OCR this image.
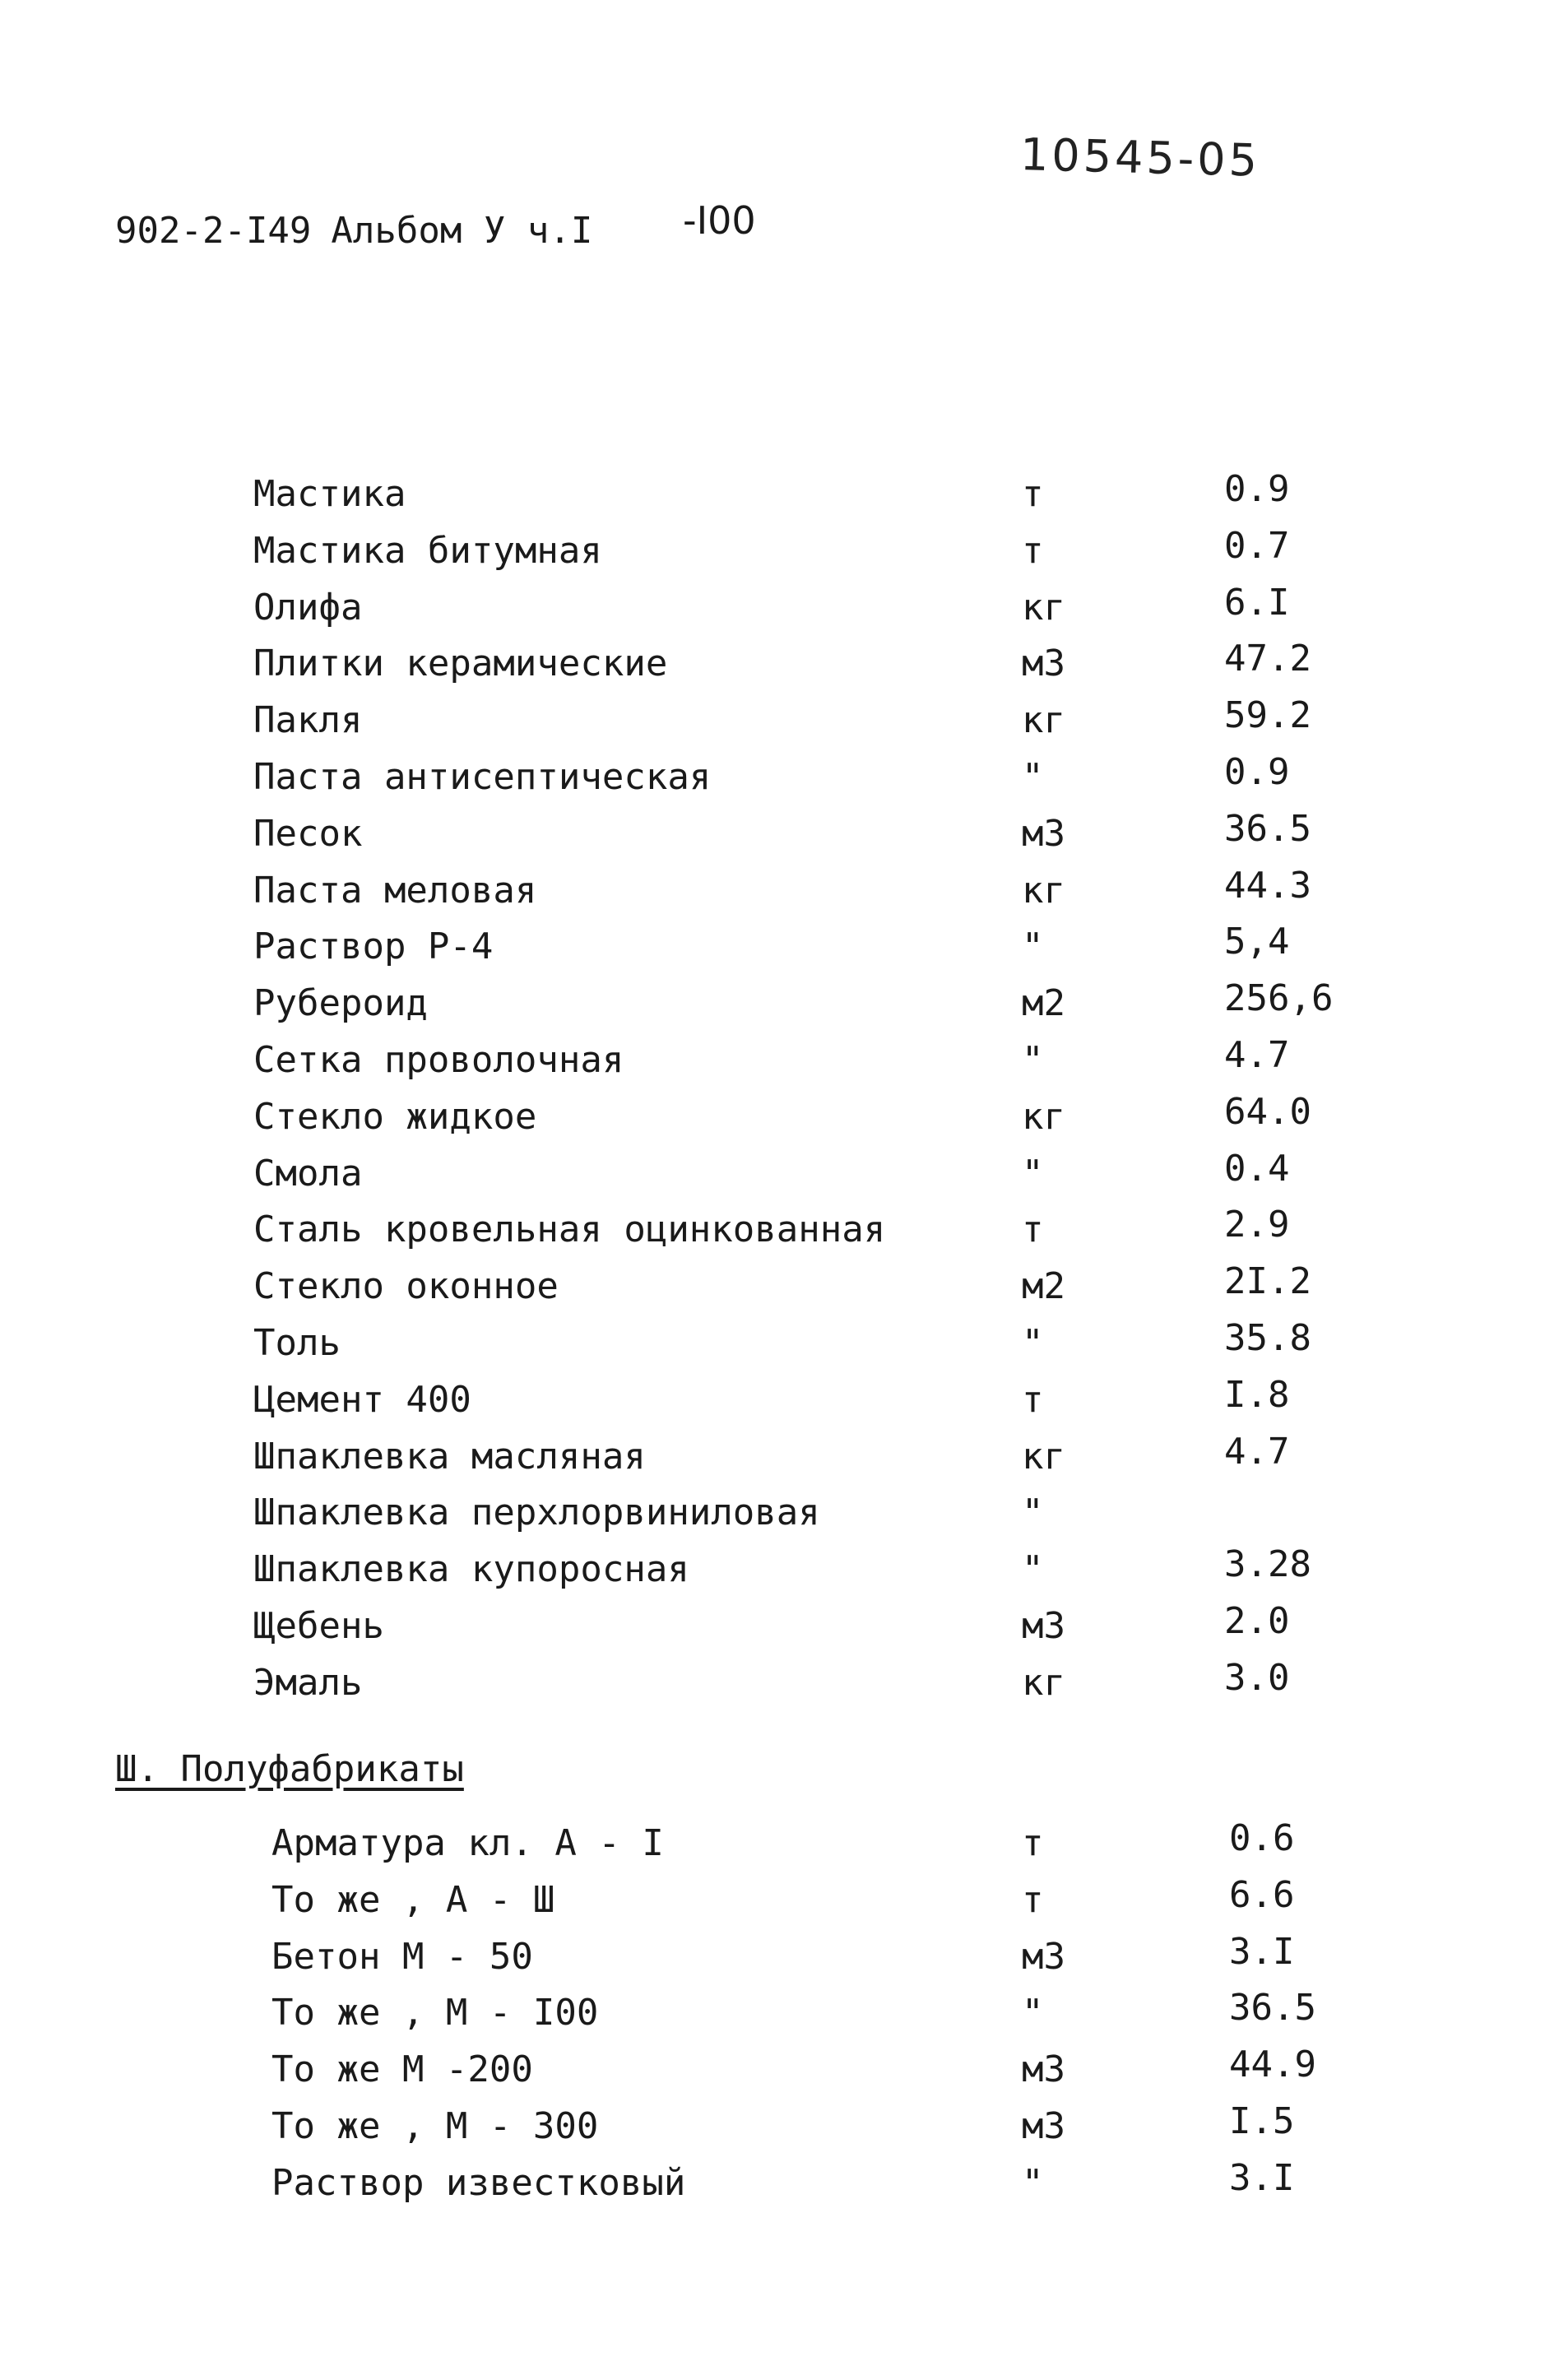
10545-05
902-2-I49 Альбом У ч.I -I00
Мастика	т	0.9
Мастика битумная	т	0.7
Олифа	кг	6.I
Плитки керамические	м3	47.2
Пакля	кг	59.2
Паста антисептическая	"	0.9
Песок	м3	36.5
Паста меловая	кг	44.3
Раствор Р-4	"	5,4
Рубероид	м2	256,6
Сетка проволочная	"	4.7
Стекло жидкое	кг	64.0
Смола	"	0.4
Сталь кровельная оцинкованная	т	2.9
Стекло оконное	м2	2I.2
Толь	"	35.8
Цемент 400	т	I.8
Шпаклевка масляная	кг	4.7
Шпаклевка перхлорвиниловая	"
Шпаклевка купоросная	"	3.28
Щебень	м3	2.0
Эмаль	кг	3.0
Ш. Полуфабрикаты
Арматура кл. А - I	т	0.6
То же , А - Ш	т	6.6
Бетон М - 50	м3	3.I
То же , М - I00	"	36.5
То же М -200	м3	44.9
То же , М - 300	м3	I.5
Раствор известковый	"	3.I
